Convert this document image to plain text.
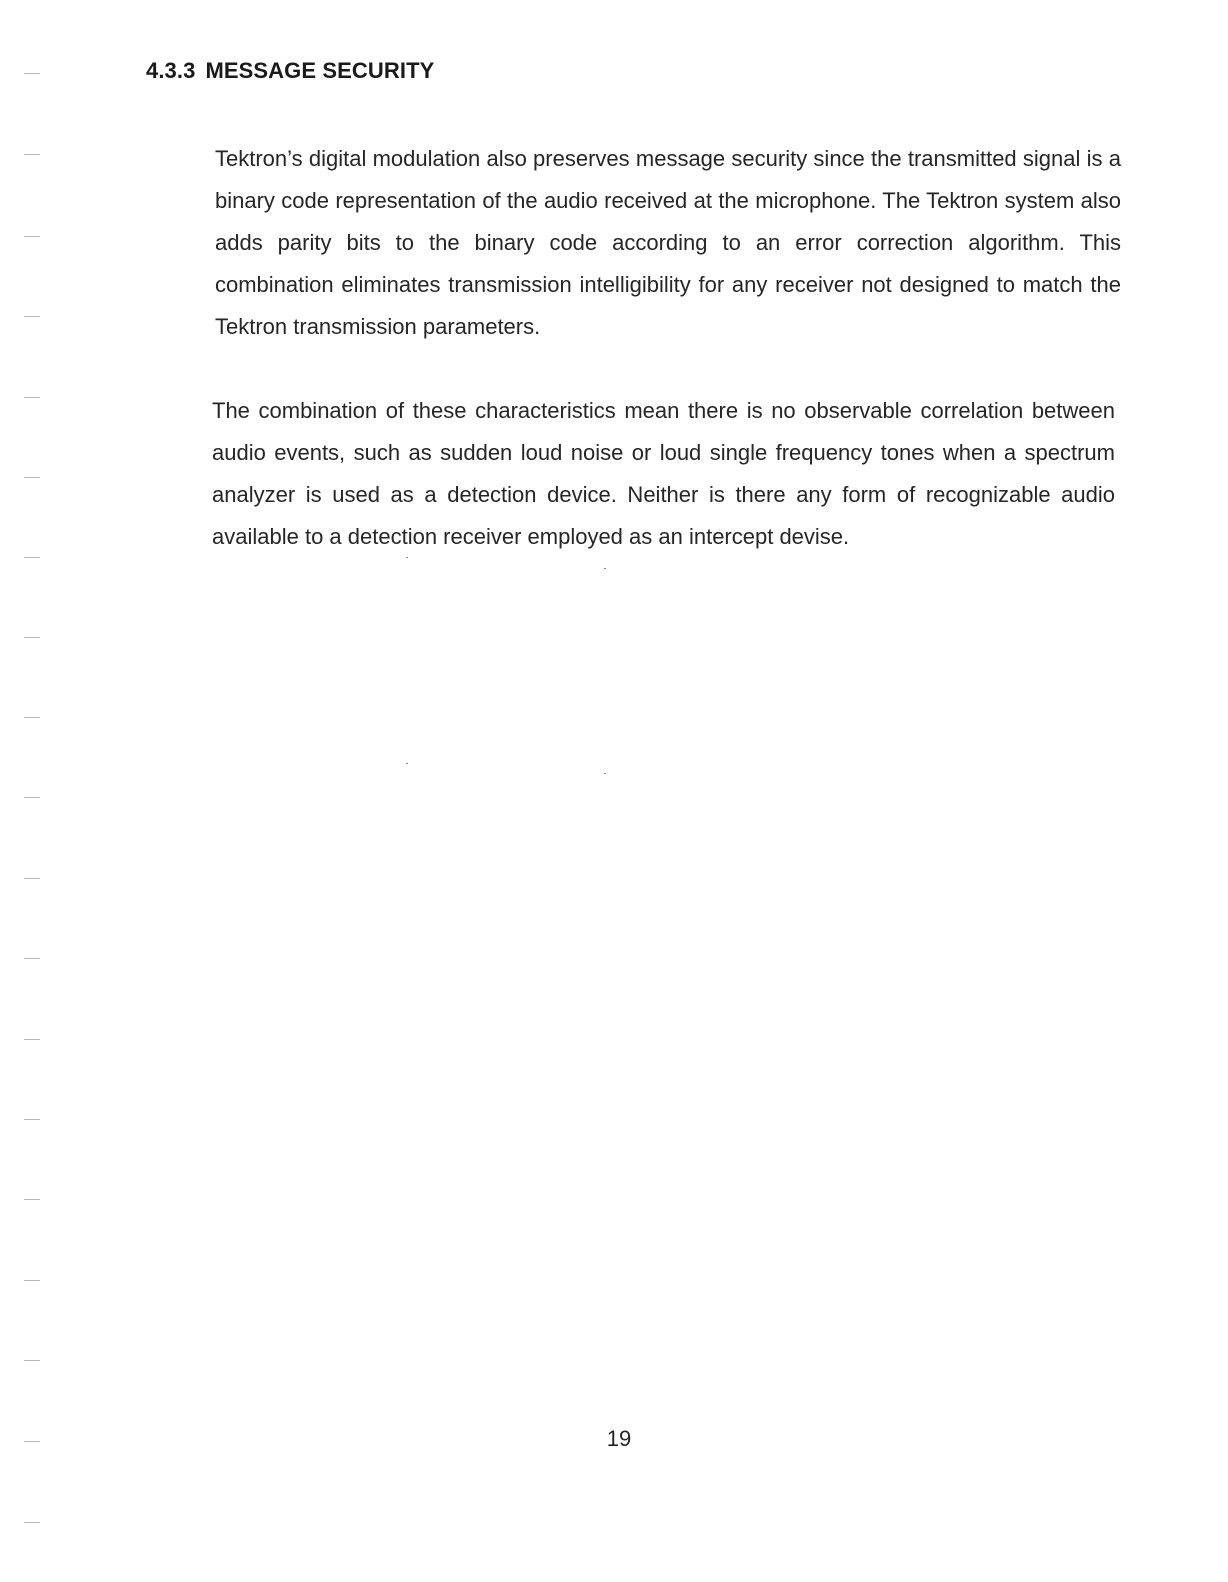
4.3.3 MESSAGE SECURITY

Tektron’s digital modulation also preserves message security since the transmitted signal is a binary code representation of the audio received at the microphone. The Tektron system also adds parity bits to the binary code according to an error correction algorithm. This combination eliminates transmission intelligibility for any receiver not designed to match the Tektron transmission parameters.

The combination of these characteristics mean there is no observable correlation between audio events, such as sudden loud noise or loud single frequency tones when a spectrum analyzer is used as a detection device. Neither is there any form of recognizable audio available to a detection receiver employed as an intercept devise.

19
